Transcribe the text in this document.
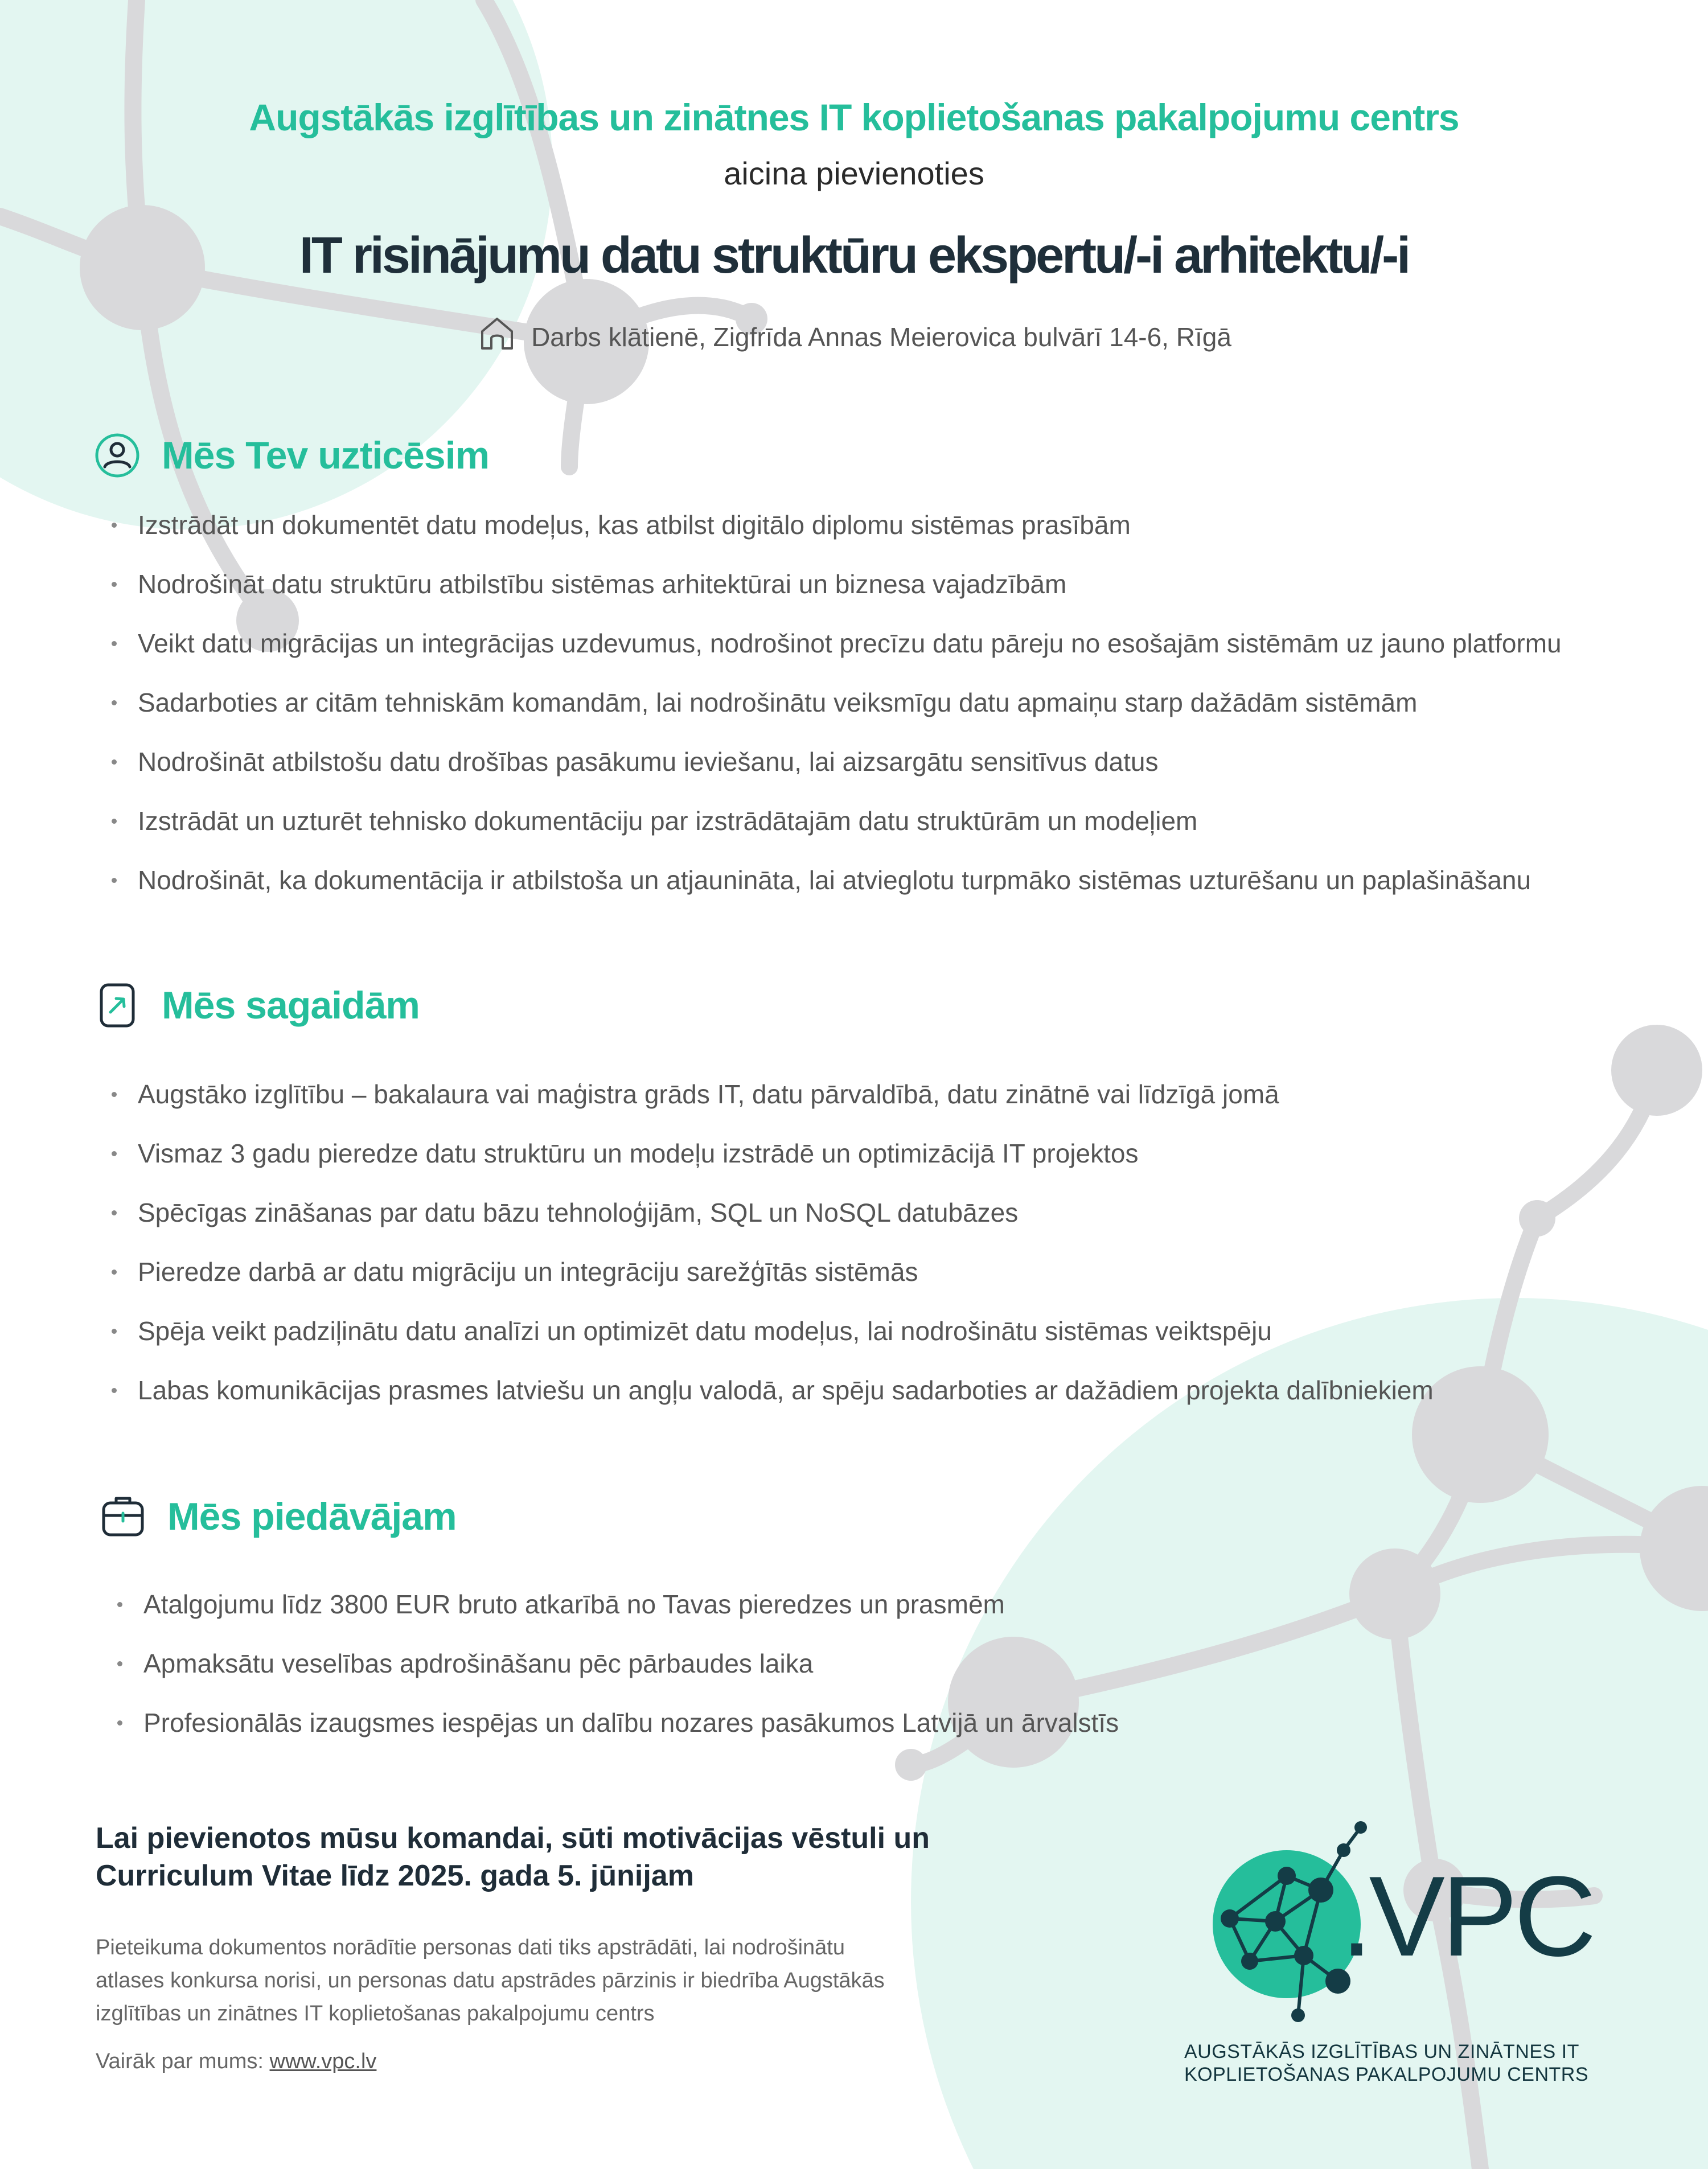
Augstākās izglītības un zinātnes IT koplietošanas pakalpojumu centrs
aicina pievienoties
IT risinājumu datu struktūru ekspertu/-i arhitektu/-i
Darbs klātienē, Zigfrīda Annas Meierovica bulvārī 14-6, Rīgā
Mēs Tev uzticēsim
Izstrādāt un dokumentēt datu modeļus, kas atbilst digitālo diplomu sistēmas prasībām
Nodrošināt datu struktūru atbilstību sistēmas arhitektūrai un biznesa vajadzībām
Veikt datu migrācijas un integrācijas uzdevumus, nodrošinot precīzu datu pāreju no esošajām sistēmām uz jauno platformu
Sadarboties ar citām tehniskām komandām, lai nodrošinātu veiksmīgu datu apmaiņu starp dažādām sistēmām
Nodrošināt atbilstošu datu drošības pasākumu ieviešanu, lai aizsargātu sensitīvus datus
Izstrādāt un uzturēt tehnisko dokumentāciju par izstrādātajām datu struktūrām un modeļiem
Nodrošināt, ka dokumentācija ir atbilstoša un atjaunināta, lai atvieglotu turpmāko sistēmas uzturēšanu un paplašināšanu
Mēs sagaidām
Augstāko izglītību – bakalaura vai maģistra grāds IT, datu pārvaldībā, datu zinātnē vai līdzīgā jomā
Vismaz 3 gadu pieredze datu struktūru un modeļu izstrādē un optimizācijā IT projektos
Spēcīgas zināšanas par datu bāzu tehnoloģijām, SQL un NoSQL datubāzes
Pieredze darbā ar datu migrāciju un integrāciju sarežģītās sistēmās
Spēja veikt padziļinātu datu analīzi un optimizēt datu modeļus, lai nodrošinātu sistēmas veiktspēju
Labas komunikācijas prasmes latviešu un angļu valodā, ar spēju sadarboties ar dažādiem projekta dalībniekiem
Mēs piedāvājam
Atalgojumu līdz 3800 EUR bruto atkarībā no Tavas pieredzes un prasmēm
Apmaksātu veselības apdrošināšanu pēc pārbaudes laika
Profesionālās izaugsmes iespējas un dalību nozares pasākumos Latvijā un ārvalstīs
Lai pievienotos mūsu komandai, sūti motivācijas vēstuli un
Curriculum Vitae līdz 2025. gada 5. jūnijam
Pieteikuma dokumentos norādītie personas dati tiks apstrādāti, lai nodrošinātu
atlases konkursa norisi, un personas datu apstrādes pārzinis ir biedrība Augstākās
izglītības un zinātnes IT koplietošanas pakalpojumu centrs
Vairāk par mums: www.vpc.lv
.VPC
AUGSTĀKĀS IZGLĪTĪBAS UN ZINĀTNES IT
KOPLIETOŠANAS PAKALPOJUMU CENTRS
